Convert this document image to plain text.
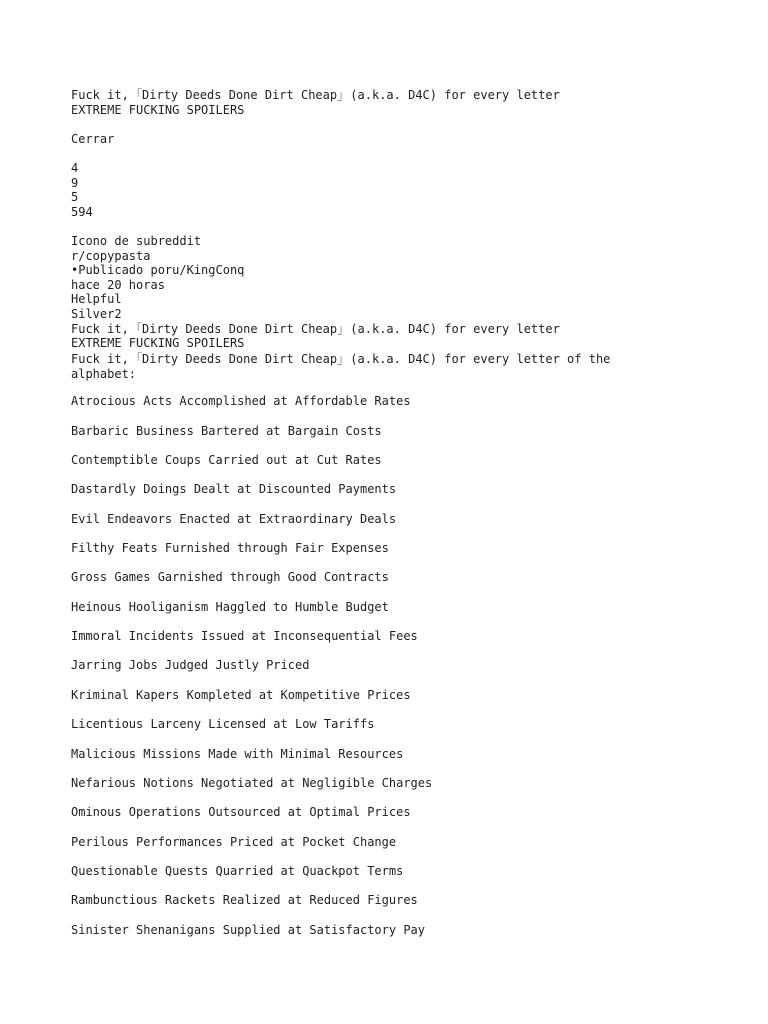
Fuck it, ｢Dirty Deeds Done Dirt Cheap｣ (a.k.a. D4C) for every letter
EXTREME FUCKING SPOILERS
Cerrar
4
9
5
594
Icono de subreddit
r/copypasta
•Publicado poru/KingConq
hace 20 horas
Helpful
Silver2
Fuck it, ｢Dirty Deeds Done Dirt Cheap｣ (a.k.a. D4C) for every letter
EXTREME FUCKING SPOILERS
Fuck it, ｢Dirty Deeds Done Dirt Cheap｣ (a.k.a. D4C) for every letter of the alphabet:
Atrocious Acts Accomplished at Affordable Rates
Barbaric Business Bartered at Bargain Costs
Contemptible Coups Carried out at Cut Rates
Dastardly Doings Dealt at Discounted Payments
Evil Endeavors Enacted at Extraordinary Deals
Filthy Feats Furnished through Fair Expenses
Gross Games Garnished through Good Contracts
Heinous Hooliganism Haggled to Humble Budget
Immoral Incidents Issued at Inconsequential Fees
Jarring Jobs Judged Justly Priced
Kriminal Kapers Kompleted at Kompetitive Prices
Licentious Larceny Licensed at Low Tariffs
Malicious Missions Made with Minimal Resources
Nefarious Notions Negotiated at Negligible Charges
Ominous Operations Outsourced at Optimal Prices
Perilous Performances Priced at Pocket Change
Questionable Quests Quarried at Quackpot Terms
Rambunctious Rackets Realized at Reduced Figures
Sinister Shenanigans Supplied at Satisfactory Pay
